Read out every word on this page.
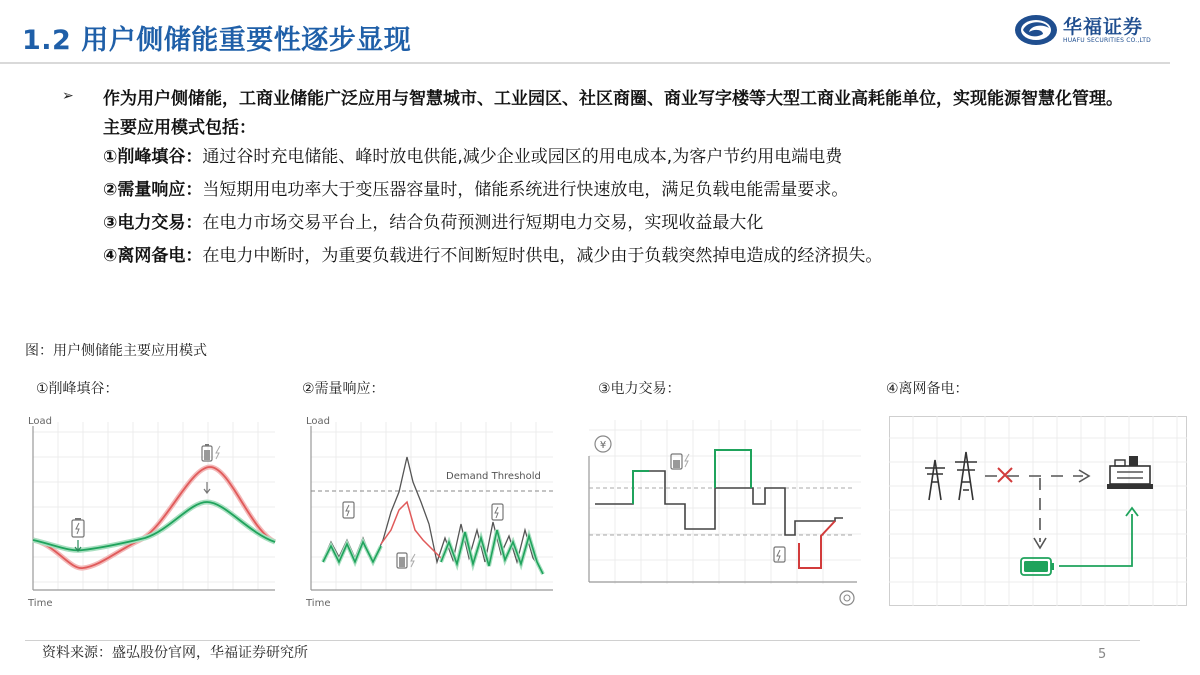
1.2 用户侧储能重要性逐步显现	华福证券
HUAFU SECURITIES CO.,LTD
➢ 作为用户侧储能，工商业储能广泛应用与智慧城市、工业园区、社区商圈、商业写字楼等大型工商业高耗能单位，实现能源智慧化管理。主要应用模式包括：
①削峰填谷：通过谷时充电储能、峰时放电供能,减少企业或园区的用电成本,为客户节约用电端电费
②需量响应：当短期用电功率大于变压器容量时，储能系统进行快速放电，满足负载电能需量要求。
③电力交易：在电力市场交易平台上，结合负荷预测进行短期电力交易，实现收益最大化
④离网备电：在电力中断时，为重要负载进行不间断短时供电，减少由于负载突然掉电造成的经济损失。
图：用户侧储能主要应用模式
①削峰填谷：	②需量响应：	③电力交易：	④离网备电：
Load
Time
Load
Time
Demand Threshold
¥
资料来源：盛弘股份官网，华福证券研究所	5
